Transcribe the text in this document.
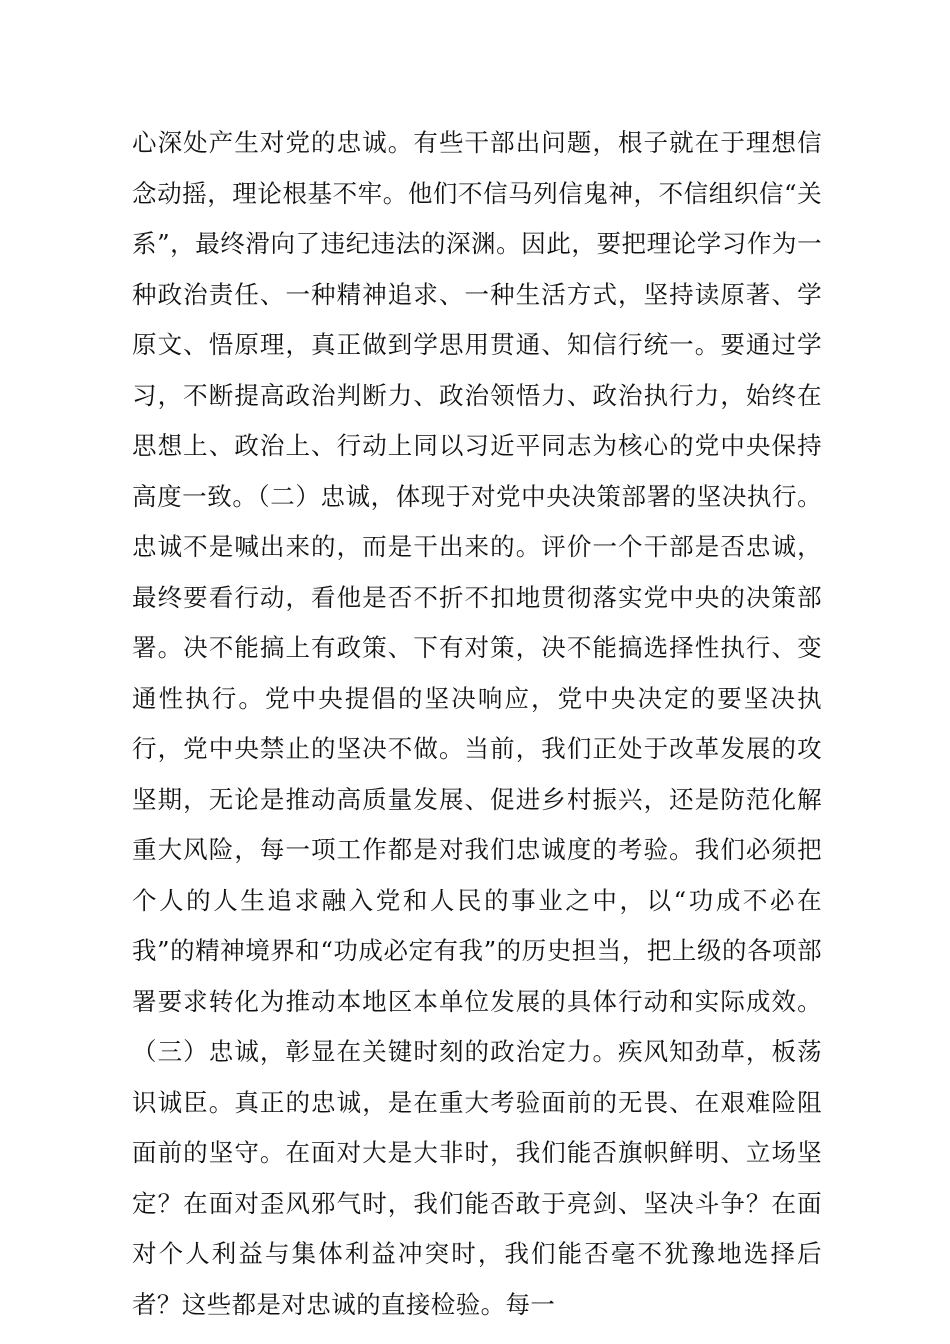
心深处产生对党的忠诚。有些干部出问题，根子就在于理想信念动摇，理论根基不牢。他们不信马列信鬼神，不信组织信“关系”，最终滑向了违纪违法的深渊。因此，要把理论学习作为一种政治责任、一种精神追求、一种生活方式，坚持读原著、学原文、悟原理，真正做到学思用贯通、知信行统一。要通过学习，不断提高政治判断力、政治领悟力、政治执行力，始终在思想上、政治上、行动上同以习近平同志为核心的党中央保持高度一致。（二）忠诚，体现于对党中央决策部署的坚决执行。忠诚不是喊出来的，而是干出来的。评价一个干部是否忠诚，最终要看行动，看他是否不折不扣地贯彻落实党中央的决策部署。决不能搞上有政策、下有对策，决不能搞选择性执行、变通性执行。党中央提倡的坚决响应，党中央决定的要坚决执行，党中央禁止的坚决不做。当前，我们正处于改革发展的攻坚期，无论是推动高质量发展、促进乡村振兴，还是防范化解重大风险，每一项工作都是对我们忠诚度的考验。我们必须把个人的人生追求融入党和人民的事业之中，以“功成不必在我”的精神境界和“功成必定有我”的历史担当，把上级的各项部署要求转化为推动本地区本单位发展的具体行动和实际成效。（三）忠诚，彰显在关键时刻的政治定力。疾风知劲草，板荡识诚臣。真正的忠诚，是在重大考验面前的无畏、在艰难险阻面前的坚守。在面对大是大非时，我们能否旗帜鲜明、立场坚定？在面对歪风邪气时，我们能否敢于亮剑、坚决斗争？在面对个人利益与集体利益冲突时，我们能否毫不犹豫地选择后者？这些都是对忠诚的直接检验。每一
